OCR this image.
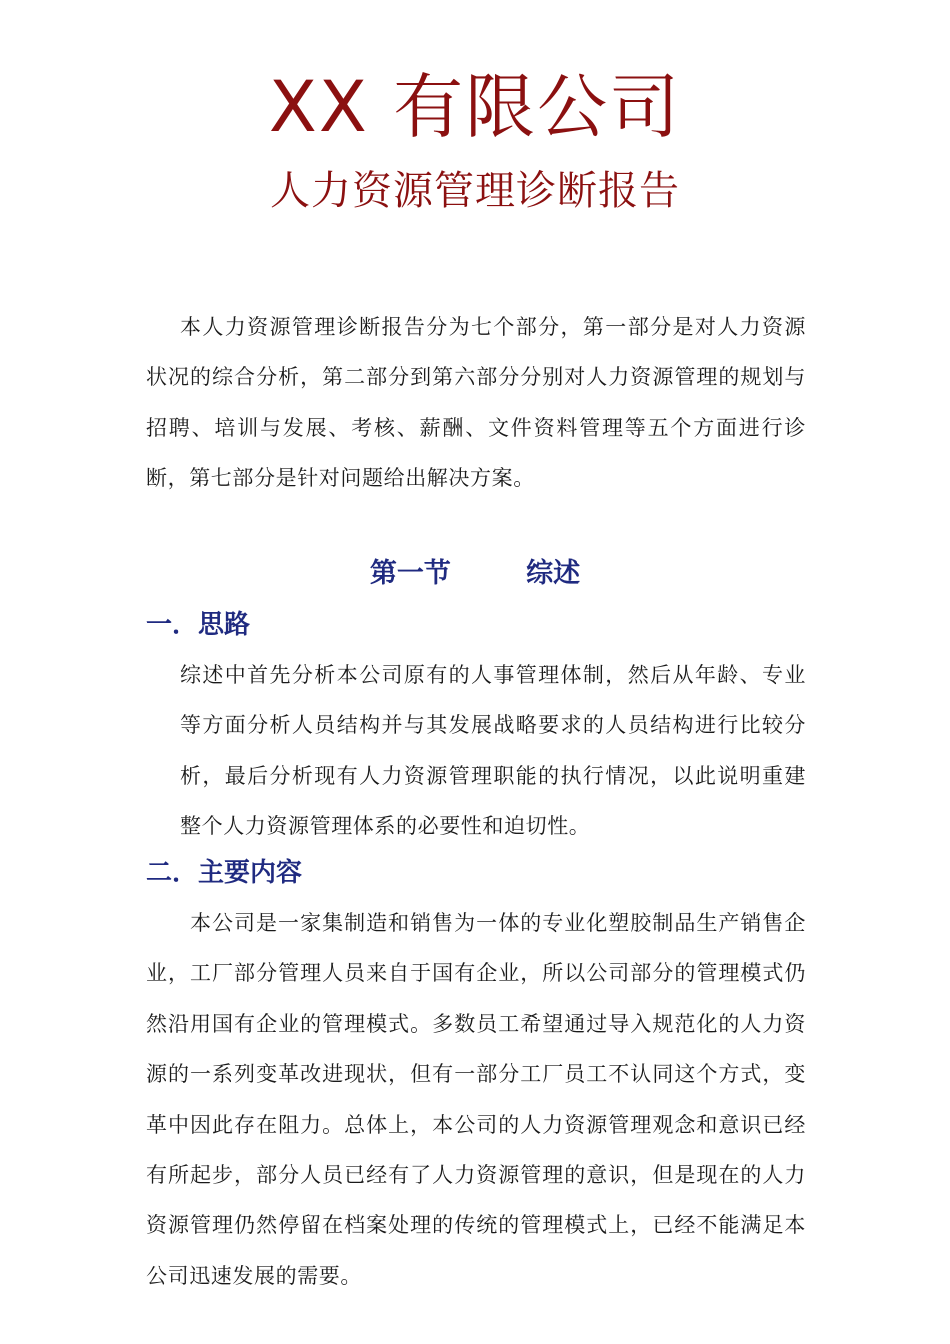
XX 有限公司
人力资源管理诊断报告
本人力资源管理诊断报告分为七个部分，第一部分是对人力资源状况的综合分析，第二部分到第六部分分别对人力资源管理的规划与招聘、培训与发展、考核、薪酬、文件资料管理等五个方面进行诊断，第七部分是针对问题给出解决方案。
第一节        综述
一．思路
综述中首先分析本公司原有的人事管理体制，然后从年龄、专业等方面分析人员结构并与其发展战略要求的人员结构进行比较分析，最后分析现有人力资源管理职能的执行情况，以此说明重建整个人力资源管理体系的必要性和迫切性。
二．主要内容
本公司是一家集制造和销售为一体的专业化塑胶制品生产销售企业，工厂部分管理人员来自于国有企业，所以公司部分的管理模式仍然沿用国有企业的管理模式。多数员工希望通过导入规范化的人力资源的一系列变革改进现状，但有一部分工厂员工不认同这个方式，变革中因此存在阻力。总体上，本公司的人力资源管理观念和意识已经有所起步，部分人员已经有了人力资源管理的意识，但是现在的人力资源管理仍然停留在档案处理的传统的管理模式上，已经不能满足本公司迅速发展的需要。
